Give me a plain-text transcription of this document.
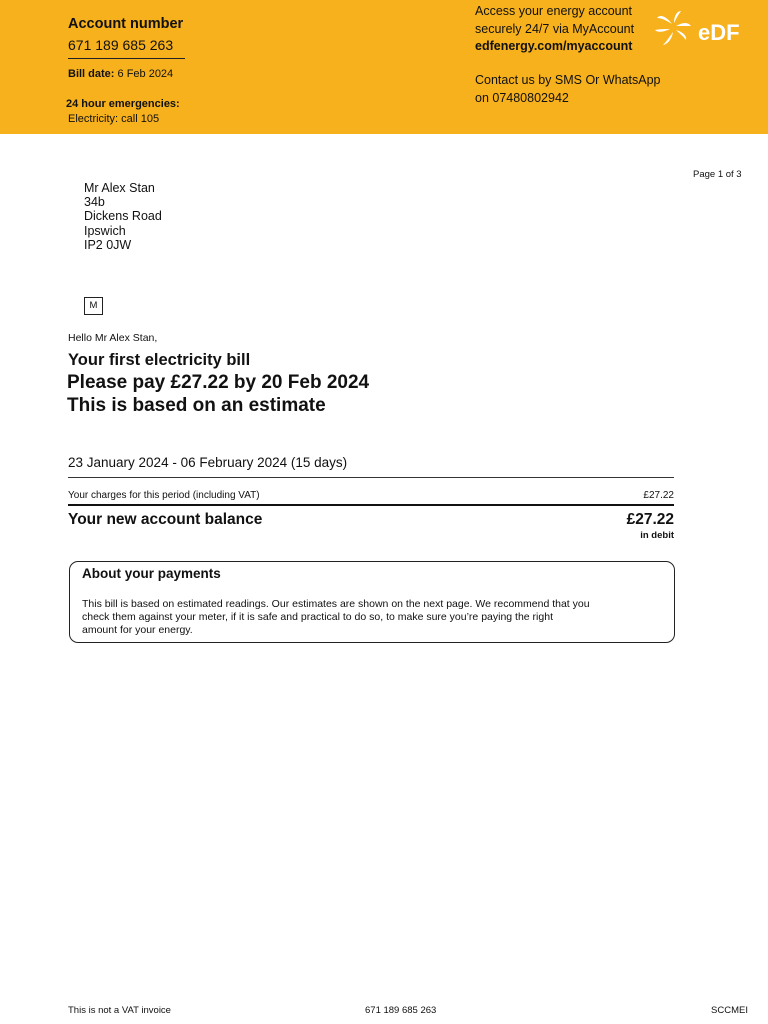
Account number
671 189 685 263
Bill date: 6 Feb 2024
24 hour emergencies:
Electricity: call 105
Access your energy account
securely 24/7 via MyAccount
edfenergy.com/myaccount
Contact us by SMS Or WhatsApp
on 07480802942
eDF
Page 1 of 3
Mr Alex Stan
34b
Dickens Road
Ipswich
IP2 0JW
M
Hello Mr Alex Stan,
Your first electricity bill
Please pay £27.22 by 20 Feb 2024
This is based on an estimate
23 January 2024 - 06 February 2024 (15 days)
Your charges for this period (including VAT)	£27.22
Your new account balance	£27.22
in debit
About your payments
This bill is based on estimated readings. Our estimates are shown on the next page. We recommend that you
check them against your meter, if it is safe and practical to do so, to make sure you’re paying the right
amount for your energy.
This is not a VAT invoice	671 189 685 263	SCCMEI
